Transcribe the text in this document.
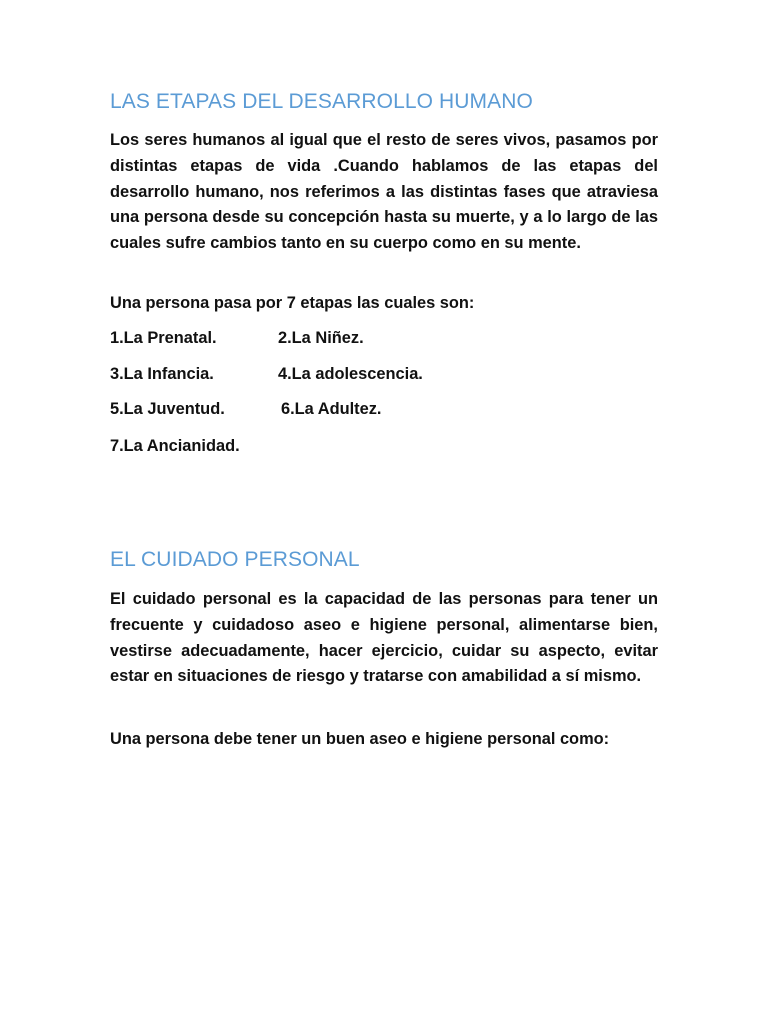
LAS ETAPAS DEL DESARROLLO HUMANO

Los seres humanos al igual que el resto de seres vivos, pasamos por distintas etapas de vida .Cuando hablamos de las etapas del desarrollo humano, nos referimos a las distintas fases que atraviesa una persona desde su concepción hasta su muerte, y a lo largo de las cuales sufre cambios tanto en su cuerpo como en su mente.

Una persona pasa por 7 etapas las cuales son:

1.La Prenatal.	2.La Niñez.
3.La Infancia.	4.La adolescencia.
5.La Juventud.	6.La Adultez.
7.La Ancianidad.
EL CUIDADO PERSONAL

El cuidado personal es la capacidad de las personas para tener un frecuente y cuidadoso aseo e higiene personal, alimentarse bien, vestirse adecuadamente, hacer ejercicio, cuidar su aspecto, evitar estar en situaciones de riesgo y tratarse con amabilidad a sí mismo.

Una persona debe tener un buen aseo e higiene personal como:
